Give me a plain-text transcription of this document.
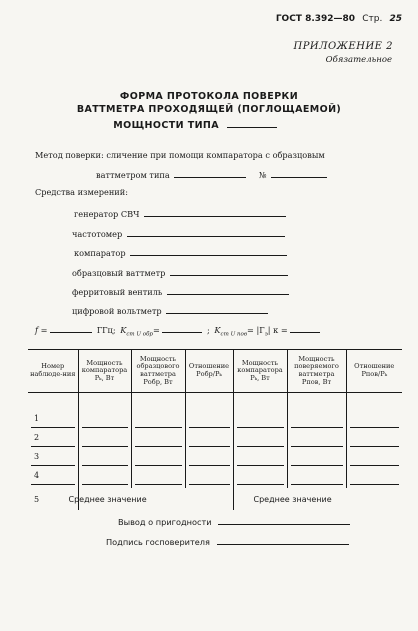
ГОСТ 8.392—80 Стр. 25
ПРИЛОЖЕНИЕ 2
Обязательное
ФОРМА ПРОТОКОЛА ПОВЕРКИ
ВАТТМЕТРА ПРОХОДЯЩЕЙ (ПОГЛОЩАЕМОЙ)
МОЩНОСТИ ТИПА
Метод поверки: сличение при помощи компаратора с образцовым
ваттметром типа	№
Средства измерений:
генератор СВЧ
частотомер
компаратор
образцовый ваттметр
ферритовый вентиль
цифровой вольтметр
f =	ГГц; $K_{ст U обр}=$	; $K_{ст U пов}= |Г_э|$ к =
Номер наблюде-ния	Мощность компаратора Pₖ, Вт	Мощность образцового ваттметра Pобр, Вт	Отношение Pобр/Pₖ	Мощность компаратора Pₖ, Вт	Мощность поверяемого ваттметра Pпов, Вт	Отношение Pпов/Pₖ

1						

2						

3						

4						

5	Среднее значение			Среднее значение		
Вывод о пригодности
Подпись госповерителя
